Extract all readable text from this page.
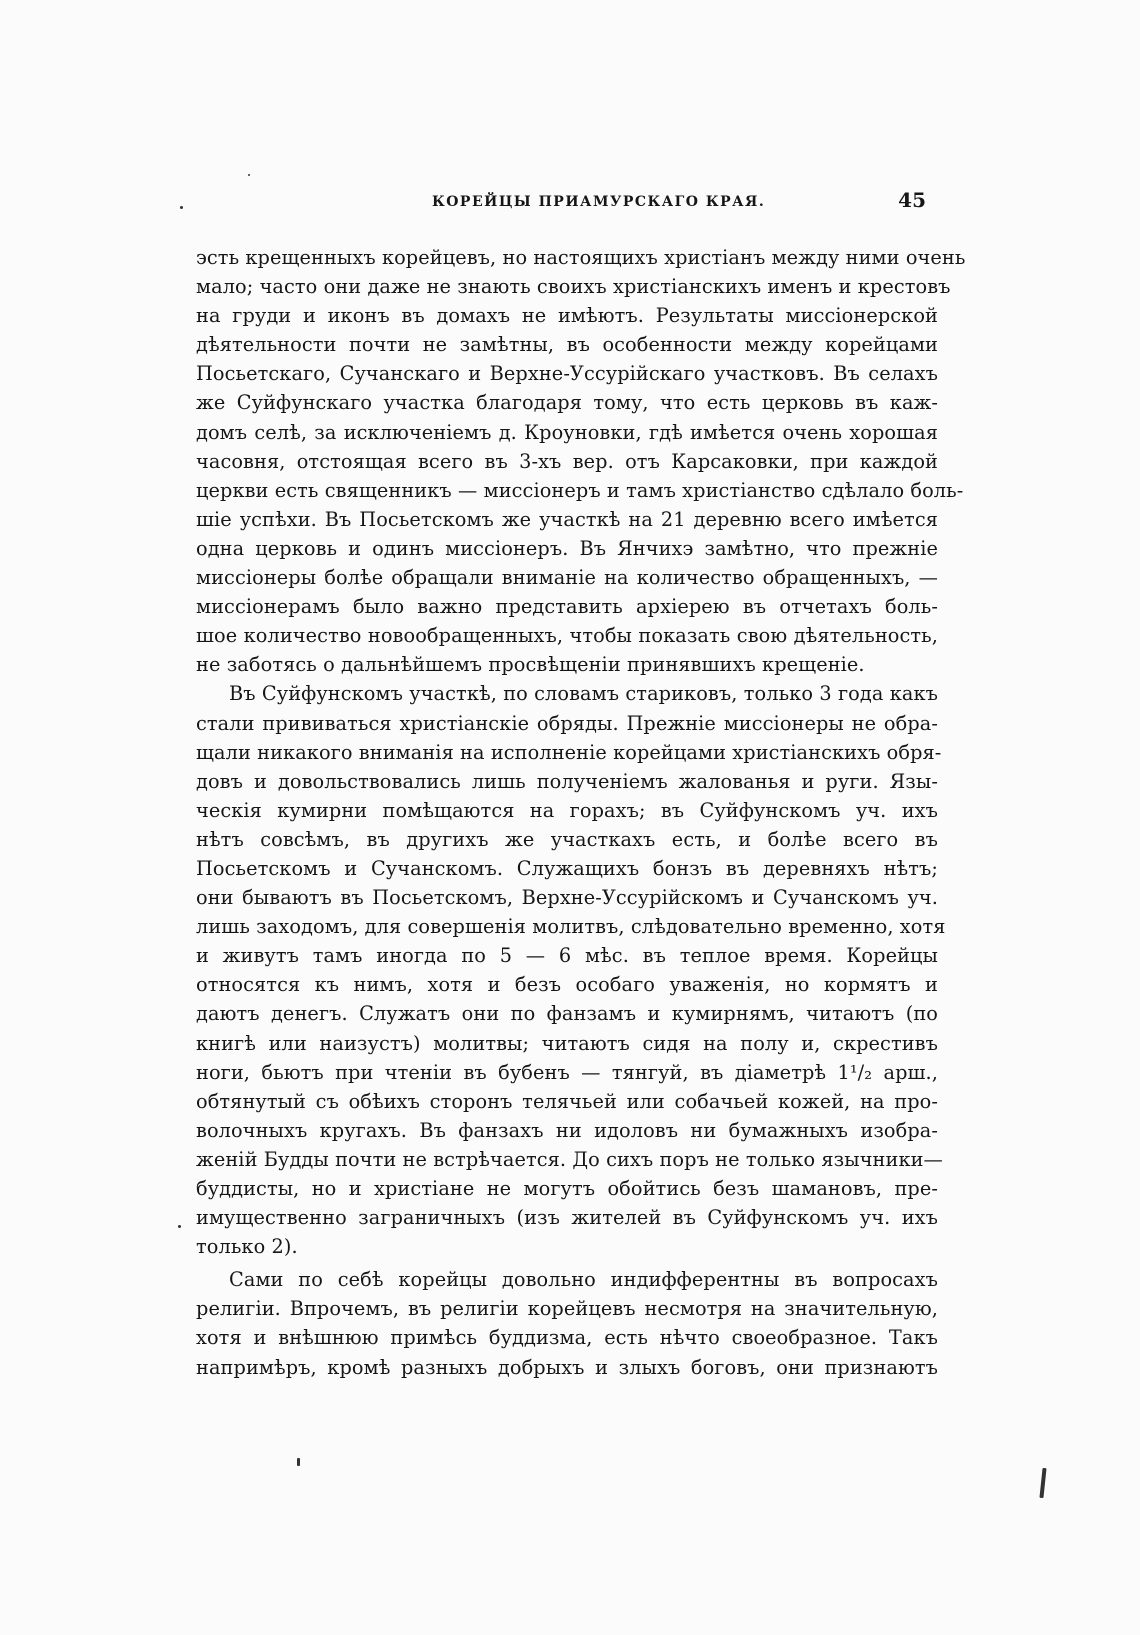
КОРЕЙЦЫ ПРИАМУРСКАГО КРАЯ.	45
эсть крещенныхъ корейцевъ, но настоящихъ христіанъ между ними очень
мало; часто они даже не знають своихъ христіанскихъ именъ и крестовъ
на груди и иконъ въ домахъ не имѣютъ. Результаты миссіонерской
дѣятельности почти не замѣтны, въ особенности между корейцами
Посьетскаго, Сучанскаго и Верхне-Уссурійскаго участковъ. Въ селахъ
же Суйфунскаго участка благодаря тому, что есть церковь въ каж-
домъ селѣ, за исключеніемъ д. Кроуновки, гдѣ имѣется очень хорошая
часовня, отстоящая всего въ 3-хъ вер. отъ Карсаковки, при каждой
церкви есть священникъ — миссіонеръ и тамъ христіанство сдѣлало боль-
шіе успѣхи. Въ Посьетскомъ же участкѣ на 21 деревню всего имѣется
одна церковь и одинъ миссіонеръ. Въ Янчихэ замѣтно, что прежніе
миссіонеры болѣе обращали вниманіе на количество обращенныхъ, —
миссіонерамъ было важно представить архіерею въ отчетахъ боль-
шое количество новообращенныхъ, чтобы показать свою дѣятельность,
не заботясь о дальнѣйшемъ просвѣщеніи принявшихъ крещеніе.
Въ Суйфунскомъ участкѣ, по словамъ стариковъ, только 3 года какъ
стали прививаться христіанскіе обряды. Прежніе миссіонеры не обра-
щали никакого вниманія на исполненіе корейцами христіанскихъ обря-
довъ и довольствовались лишь полученіемъ жалованья и руги. Язы-
ческія кумирни помѣщаются на горахъ; въ Суйфунскомъ уч. ихъ
нѣтъ совсѣмъ, въ другихъ же участкахъ есть, и болѣе всего въ
Посьетскомъ и Сучанскомъ. Служащихъ бонзъ въ деревняхъ нѣтъ;
они бываютъ въ Посьетскомъ, Верхне-Уссурійскомъ и Сучанскомъ уч.
лишь заходомъ, для совершенія молитвъ, слѣдовательно временно, хотя
и живутъ тамъ иногда по 5 — 6 мѣс. въ теплое время. Корейцы
относятся къ нимъ, хотя и безъ особаго уваженія, но кормятъ и
даютъ денегъ. Служатъ они по фанзамъ и кумирнямъ, читаютъ (по
книгѣ или наизустъ) молитвы; читаютъ сидя на полу и, скрестивъ
ноги, бьютъ при чтеніи въ бубенъ — тянгуй, въ діаметрѣ 1¹/₂ арш.,
обтянутый съ обѣихъ сторонъ телячьей или собачьей кожей, на про-
волочныхъ кругахъ. Въ фанзахъ ни идоловъ ни бумажныхъ изобра-
женій Будды почти не встрѣчается. До сихъ поръ не только язычники—
буддисты, но и христіане не могутъ обойтись безъ шамановъ, пре-
имущественно заграничныхъ (изъ жителей въ Суйфунскомъ уч. ихъ
только 2).
Сами по себѣ корейцы довольно индифферентны въ вопросахъ
религіи. Впрочемъ, въ религіи корейцевъ несмотря на значительную,
хотя и внѣшнюю примѣсь буддизма, есть нѣчто своеобразное. Такъ
напримѣръ, кромѣ разныхъ добрыхъ и злыхъ боговъ, они признаютъ
